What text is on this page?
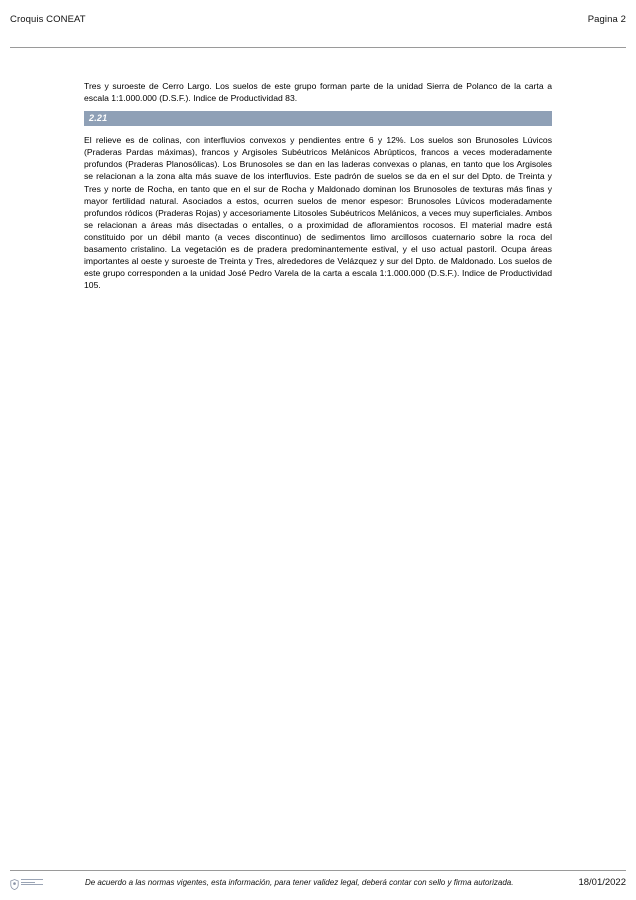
Croquis CONEAT	Pagina 2

Tres y suroeste de Cerro Largo. Los suelos de este grupo forman parte de la unidad Sierra de Polanco de la carta a escala 1:1.000.000 (D.S.F.). Indice de Productividad 83.

2.21

El relieve es de colinas, con interfluvios convexos y pendientes entre 6 y 12%. Los suelos son Brunosoles Lúvicos (Praderas Pardas máximas), francos y Argisoles Subéutricos Melánicos Abrúpticos, francos a veces moderadamente profundos (Praderas Planosólicas). Los Brunosoles se dan en las laderas convexas o planas, en tanto que los Argisoles se relacionan a la zona alta más suave de los interfluvios. Este padrón de suelos se da en el sur del Dpto. de Treinta y Tres y norte de Rocha, en tanto que en el sur de Rocha y Maldonado dominan los Brunosoles de texturas más finas y mayor fertilidad natural. Asociados a estos, ocurren suelos de menor espesor: Brunosoles Lúvicos moderadamente profundos ródicos (Praderas Rojas) y accesoriamente Litosoles Subéutricos Melánicos, a veces muy superficiales. Ambos se relacionan a áreas más disectadas o entalles, o a proximidad de afloramientos rocosos. El material madre está constituido por un débil manto (a veces discontinuo) de sedimentos limo arcillosos cuaternario sobre la roca del basamento cristalino. La vegetación es de pradera predominantemente estival, y el uso actual pastoril. Ocupa áreas importantes al oeste y suroeste de Treinta y Tres, alrededores de Velázquez y sur del Dpto. de Maldonado. Los suelos de este grupo corresponden a la unidad José Pedro Varela de la carta a escala 1:1.000.000 (D.S.F.). Indice de Productividad 105.

De acuerdo a las normas vigentes, esta información, para tener validez legal, deberá contar con sello y firma autorizada.	18/01/2022
